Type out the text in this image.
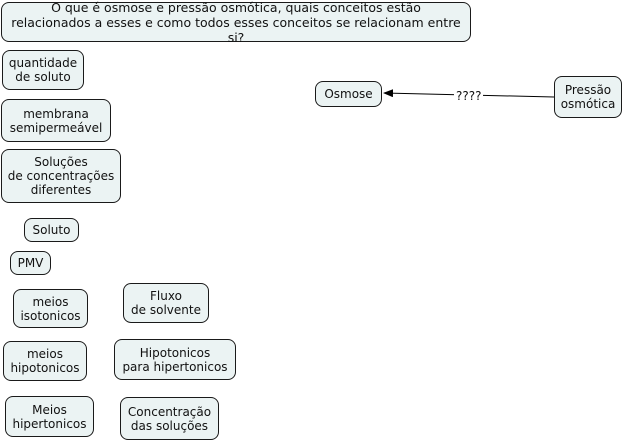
????
O que é osmose e pressão osmótica, quais conceitos estão
relacionados a esses e como todos esses conceitos se relacionam entre si?
quantidade
de soluto
membrana
semipermeável
Soluções
de concentrações
diferentes
Soluto
PMV
meios
isotonicos
meios
hipotonicos
Meios
hipertonicos
Fluxo
de solvente
Hipotonicos
para hipertonicos
Concentração
das soluções
Osmose	Pressão
osmótica
